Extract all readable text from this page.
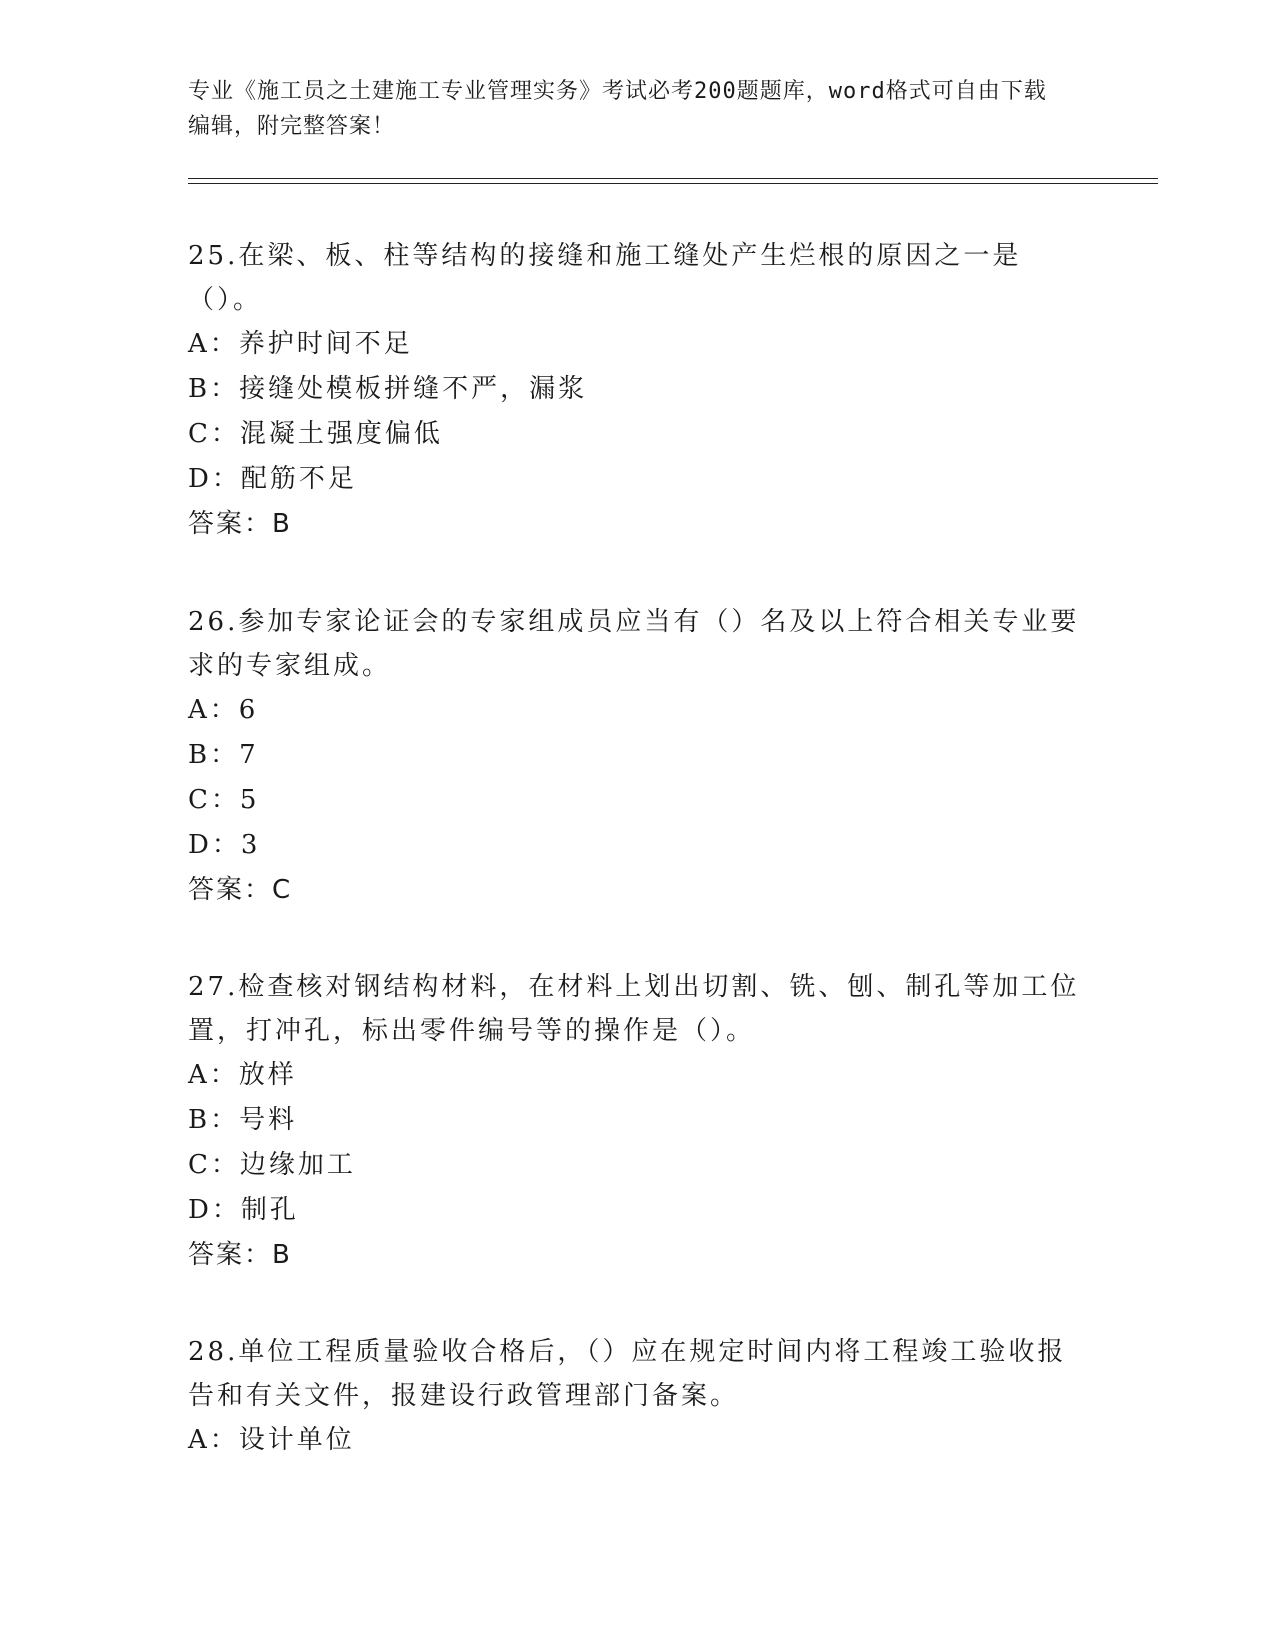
专业《施工员之土建施工专业管理实务》考试必考200题题库，word格式可自由下载编辑，附完整答案！

25.在梁、板、柱等结构的接缝和施工缝处产生烂根的原因之一是（）。

A：养护时间不足

B：接缝处模板拼缝不严，漏浆

C：混凝土强度偏低

D：配筋不足

答案：B

26.参加专家论证会的专家组成员应当有（）名及以上符合相关专业要求的专家组成。

A：6

B：7

C：5

D：3

答案：C

27.检查核对钢结构材料，在材料上划出切割、铣、刨、制孔等加工位置，打冲孔，标出零件编号等的操作是（）。

A：放样

B：号料

C：边缘加工

D：制孔

答案：B

28.单位工程质量验收合格后，（）应在规定时间内将工程竣工验收报告和有关文件，报建设行政管理部门备案。

A：设计单位
